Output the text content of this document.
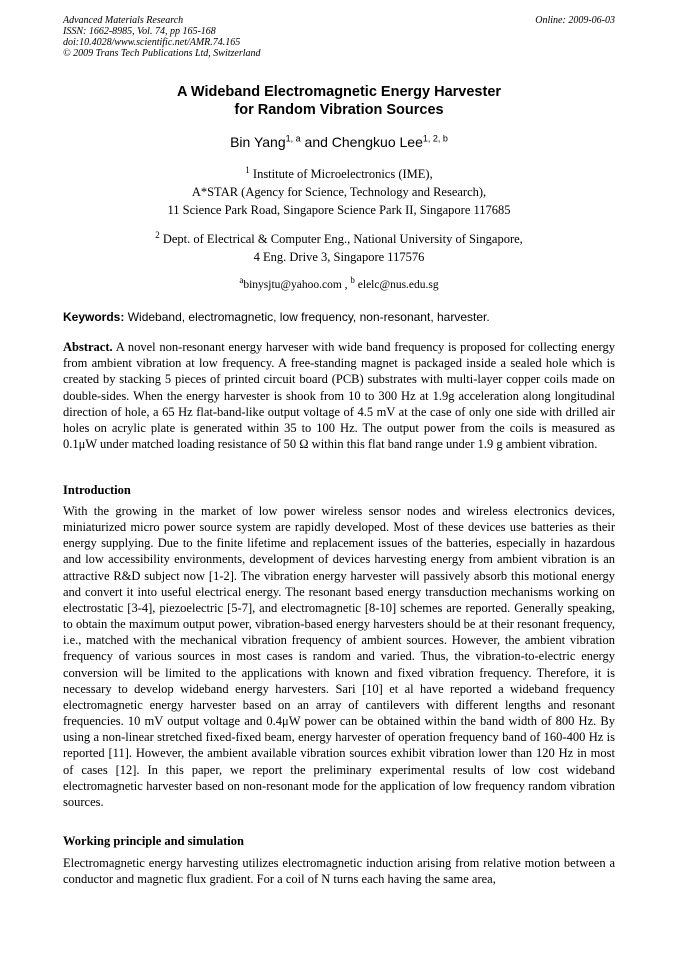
Advanced Materials Research
ISSN: 1662-8985, Vol. 74, pp 165-168
doi:10.4028/www.scientific.net/AMR.74.165
© 2009 Trans Tech Publications Ltd, Switzerland
Online: 2009-06-03
A Wideband Electromagnetic Energy Harvester
for Random Vibration Sources
Bin Yang$^{1, a}$ and Chengkuo Lee$^{1, 2, b}$
$^1$ Institute of Microelectronics (IME),
A*STAR (Agency for Science, Technology and Research),
11 Science Park Road, Singapore Science Park II, Singapore 117685
$^2$ Dept. of Electrical & Computer Eng., National University of Singapore,
4 Eng. Drive 3, Singapore 117576
$^a$binysjtu@yahoo.com , $^b$ elelc@nus.edu.sg
Keywords: Wideband, electromagnetic, low frequency, non-resonant, harvester.
Abstract. A novel non-resonant energy harveser with wide band frequency is proposed for collecting energy from ambient vibration at low frequency. A free-standing magnet is packaged inside a sealed hole which is created by stacking 5 pieces of printed circuit board (PCB) substrates with multi-layer copper coils made on double-sides. When the energy harvester is shook from 10 to 300 Hz at 1.9g acceleration along longitudinal direction of hole, a 65 Hz flat-band-like output voltage of 4.5 mV at the case of only one side with drilled air holes on acrylic plate is generated within 35 to 100 Hz. The output power from the coils is measured as 0.1μW under matched loading resistance of 50 Ω within this flat band range under 1.9 g ambient vibration.
Introduction
With the growing in the market of low power wireless sensor nodes and wireless electronics devices, miniaturized micro power source system are rapidly developed. Most of these devices use batteries as their energy supplying. Due to the finite lifetime and replacement issues of the batteries, especially in hazardous and low accessibility environments, development of devices harvesting energy from ambient vibration is an attractive R&D subject now [1-2]. The vibration energy harvester will passively absorb this motional energy and convert it into useful electrical energy. The resonant based energy transduction mechanisms working on electrostatic [3-4], piezoelectric [5-7], and electromagnetic [8-10] schemes are reported. Generally speaking, to obtain the maximum output power, vibration-based energy harvesters should be at their resonant frequency, i.e., matched with the mechanical vibration frequency of ambient sources. However, the ambient vibration frequency of various sources in most cases is random and varied. Thus, the vibration-to-electric energy conversion will be limited to the applications with known and fixed vibration frequency. Therefore, it is necessary to develop wideband energy harvesters. Sari [10] et al have reported a wideband frequency electromagnetic energy harvester based on an array of cantilevers with different lengths and resonant frequencies. 10 mV output voltage and 0.4μW power can be obtained within the band width of 800 Hz. By using a non-linear stretched fixed-fixed beam, energy harvester of operation frequency band of 160-400 Hz is reported [11]. However, the ambient available vibration sources exhibit vibration lower than 120 Hz in most of cases [12]. In this paper, we report the preliminary experimental results of low cost wideband electromagnetic harvester based on non-resonant mode for the application of low frequency random vibration sources.
Working principle and simulation
Electromagnetic energy harvesting utilizes electromagnetic induction arising from relative motion between a conductor and magnetic flux gradient. For a coil of N turns each having the same area,
